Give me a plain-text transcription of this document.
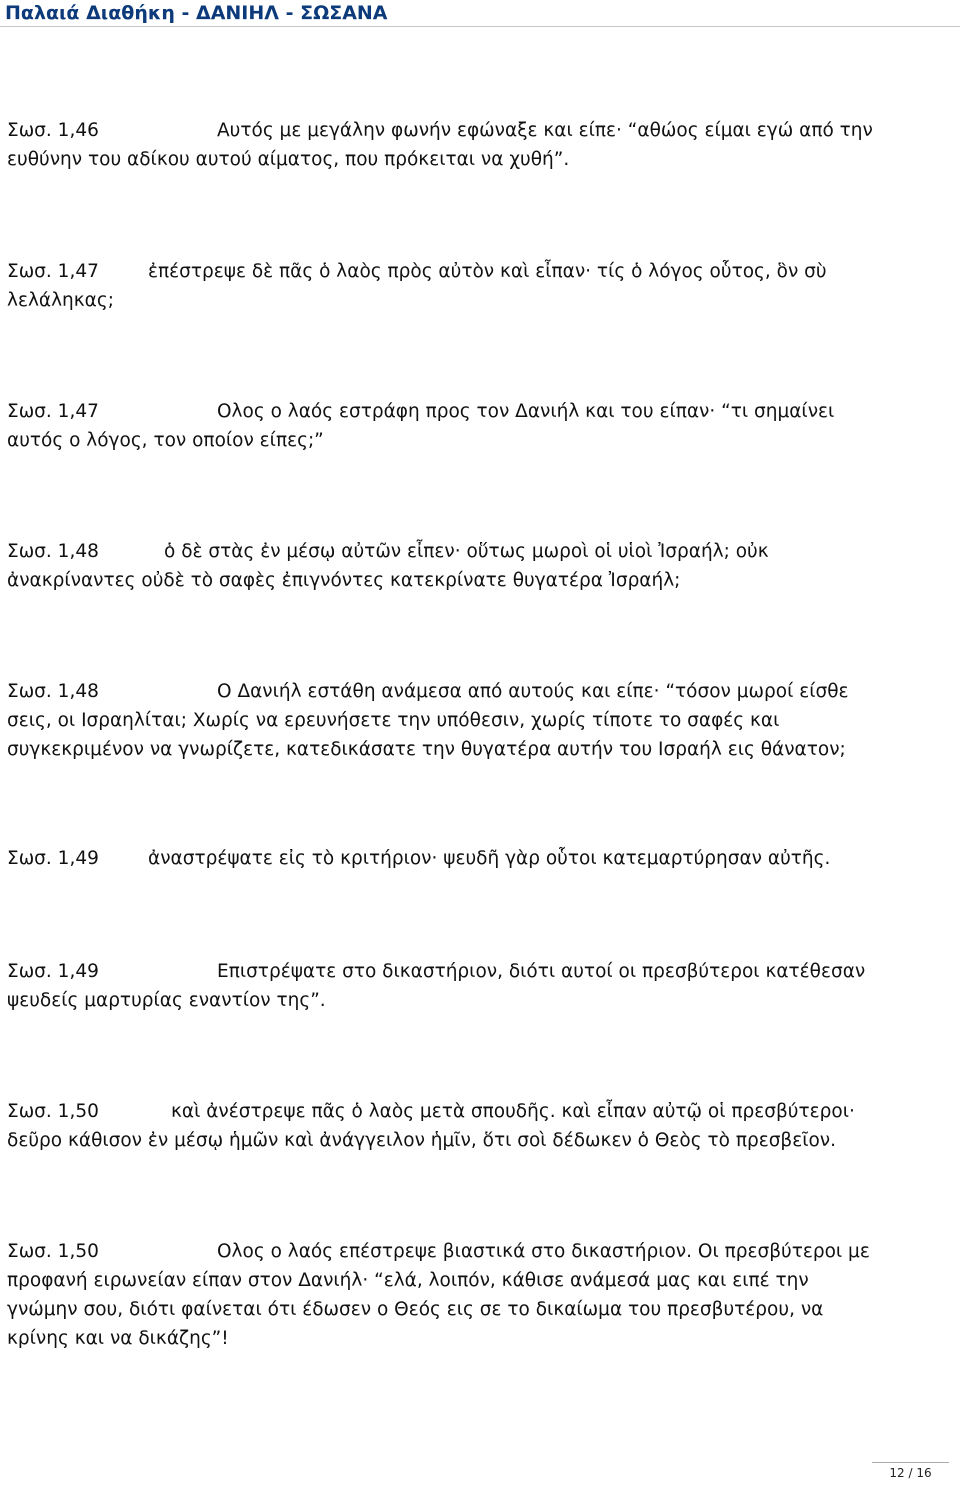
Παλαιά Διαθήκη - ΔΑΝΙΗΛ - ΣΩΣΑΝΑ
Σωσ. 1,46	Αυτός με μεγάλην φωνήν εφώναξε και είπε· “αθώος είμαι εγώ από την
ευθύνην του αδίκου αυτού αίματος, που πρόκειται να χυθή”.
Σωσ. 1,47	ἐπέστρεψε δὲ πᾶς ὁ λαὸς πρὸς αὐτὸν καὶ εἶπαν· τίς ὁ λόγος οὗτος, ὃν σὺ
λελάληκας;
Σωσ. 1,47	Ολος ο λαός εστράφη προς τον Δανιήλ και του είπαν· “τι σημαίνει
αυτός ο λόγος, τον οποίον είπες;”
Σωσ. 1,48	ὁ δὲ στὰς ἐν μέσῳ αὐτῶν εἶπεν· οὕτως μωροὶ οἱ υἱοὶ Ἰσραήλ; οὐκ
ἀνακρίναντες οὐδὲ τὸ σαφὲς ἐπιγνόντες κατεκρίνατε θυγατέρα Ἰσραήλ;
Σωσ. 1,48	Ο Δανιήλ εστάθη ανάμεσα από αυτούς και είπε· “τόσον μωροί είσθε
σεις, οι Ισραηλίται; Χωρίς να ερευνήσετε την υπόθεσιν, χωρίς τίποτε το σαφές και
συγκεκριμένον να γνωρίζετε, κατεδικάσατε την θυγατέρα αυτήν του Ισραήλ εις θάνατον;
Σωσ. 1,49	ἀναστρέψατε εἰς τὸ κριτήριον· ψευδῆ γὰρ οὗτοι κατεμαρτύρησαν αὐτῆς.
Σωσ. 1,49	Επιστρέψατε στο δικαστήριον, διότι αυτοί οι πρεσβύτεροι κατέθεσαν
ψευδείς μαρτυρίας εναντίον της”.
Σωσ. 1,50	καὶ ἀνέστρεψε πᾶς ὁ λαὸς μετὰ σπουδῆς. καὶ εἶπαν αὐτῷ οἱ πρεσβύτεροι·
δεῦρο κάθισον ἐν μέσῳ ἡμῶν καὶ ἀνάγγειλον ἡμῖν, ὅτι σοὶ δέδωκεν ὁ Θεὸς τὸ πρεσβεῖον.
Σωσ. 1,50	Ολος ο λαός επέστρεψε βιαστικά στο δικαστήριον. Οι πρεσβύτεροι με
προφανή ειρωνείαν είπαν στον Δανιήλ· “ελά, λοιπόν, κάθισε ανάμεσά μας και ειπέ την
γνώμην σου, διότι φαίνεται ότι έδωσεν ο Θεός εις σε το δικαίωμα του πρεσβυτέρου, να
κρίνης και να δικάζης”!
12 / 16
